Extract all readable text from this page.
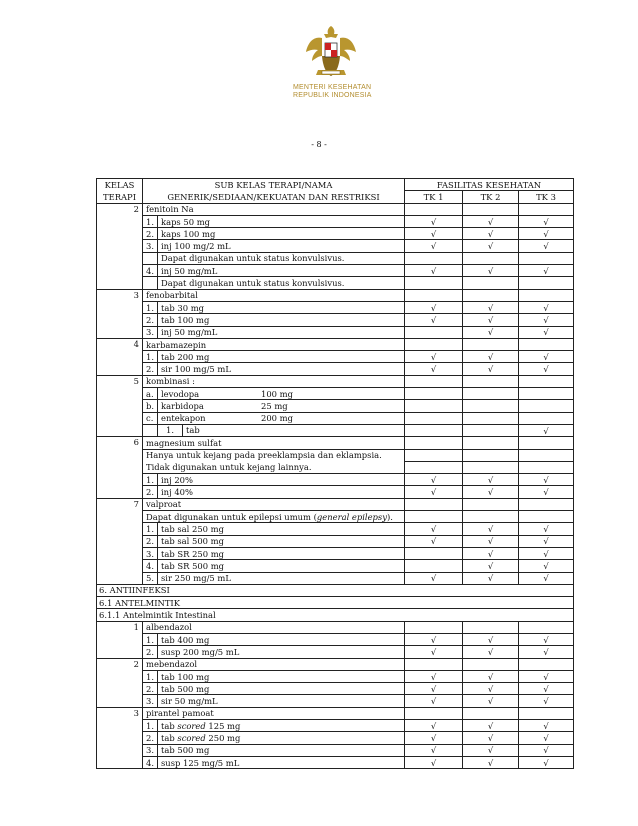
MENTERI KESEHATAN
REPUBLIK INDONESIA
- 8 -
KELAS	SUB KELAS TERAPI/NAMA		FASILITAS KESEHATAN		
TERAPI	GENERIK/SEDIAAN/KEKUATAN DAN RESTRIKSI		TK 1	TK 2	TK 3
2	fenitoin Na				
	1.	kaps 50 mg	√	√	√
	2.	kaps 100 mg	√	√	√
	3.	inj 100 mg/2 mL	√	√	√
		Dapat digunakan untuk status konvulsivus.			
	4.	inj 50 mg/mL	√	√	√
		Dapat digunakan untuk status konvulsivus.			
3	fenobarbital				
	1.	tab 30 mg	√	√	√
	2.	tab 100 mg	√	√	√
	3.	inj 50 mg/mL		√	√
4	karbamazepin				
	1.	tab 200 mg	√	√	√
	2.	sir 100 mg/5 mL	√	√	√
5	kombinasi :				
	a.	levodopa 100 mg			
	b.	karbidopa 25 mg			
	c.	entekapon 200 mg			
		1. tab			√
6	magnesium sulfat				
	Hanya untuk kejang pada preeklampsia dan eklampsia.				
	Tidak digunakan untuk kejang lainnya.				
	1.	inj 20%	√	√	√
	2.	inj 40%	√	√	√
7	valproat				
	Dapat digunakan untuk epilepsi umum (general epilepsy).				
	1.	tab sal 250 mg	√	√	√
	2.	tab sal 500 mg	√	√	√
	3.	tab SR 250 mg		√	√
	4.	tab SR 500 mg		√	√
	5.	sir 250 mg/5 mL	√	√	√
6. ANTIINFEKSI					
6.1 ANTELMINTIK					
6.1.1 Antelmintik Intestinal					
1	albendazol				
	1.	tab 400 mg	√	√	√
	2.	susp 200 mg/5 mL	√	√	√
2	mebendazol				
	1.	tab 100 mg	√	√	√
	2.	tab 500 mg	√	√	√
	3.	sir 50 mg/mL	√	√	√
3	pirantel pamoat				
	1.	tab scored 125 mg	√	√	√
	2.	tab scored 250 mg	√	√	√
	3.	tab 500 mg	√	√	√
	4.	susp 125 mg/5 mL	√	√	√
